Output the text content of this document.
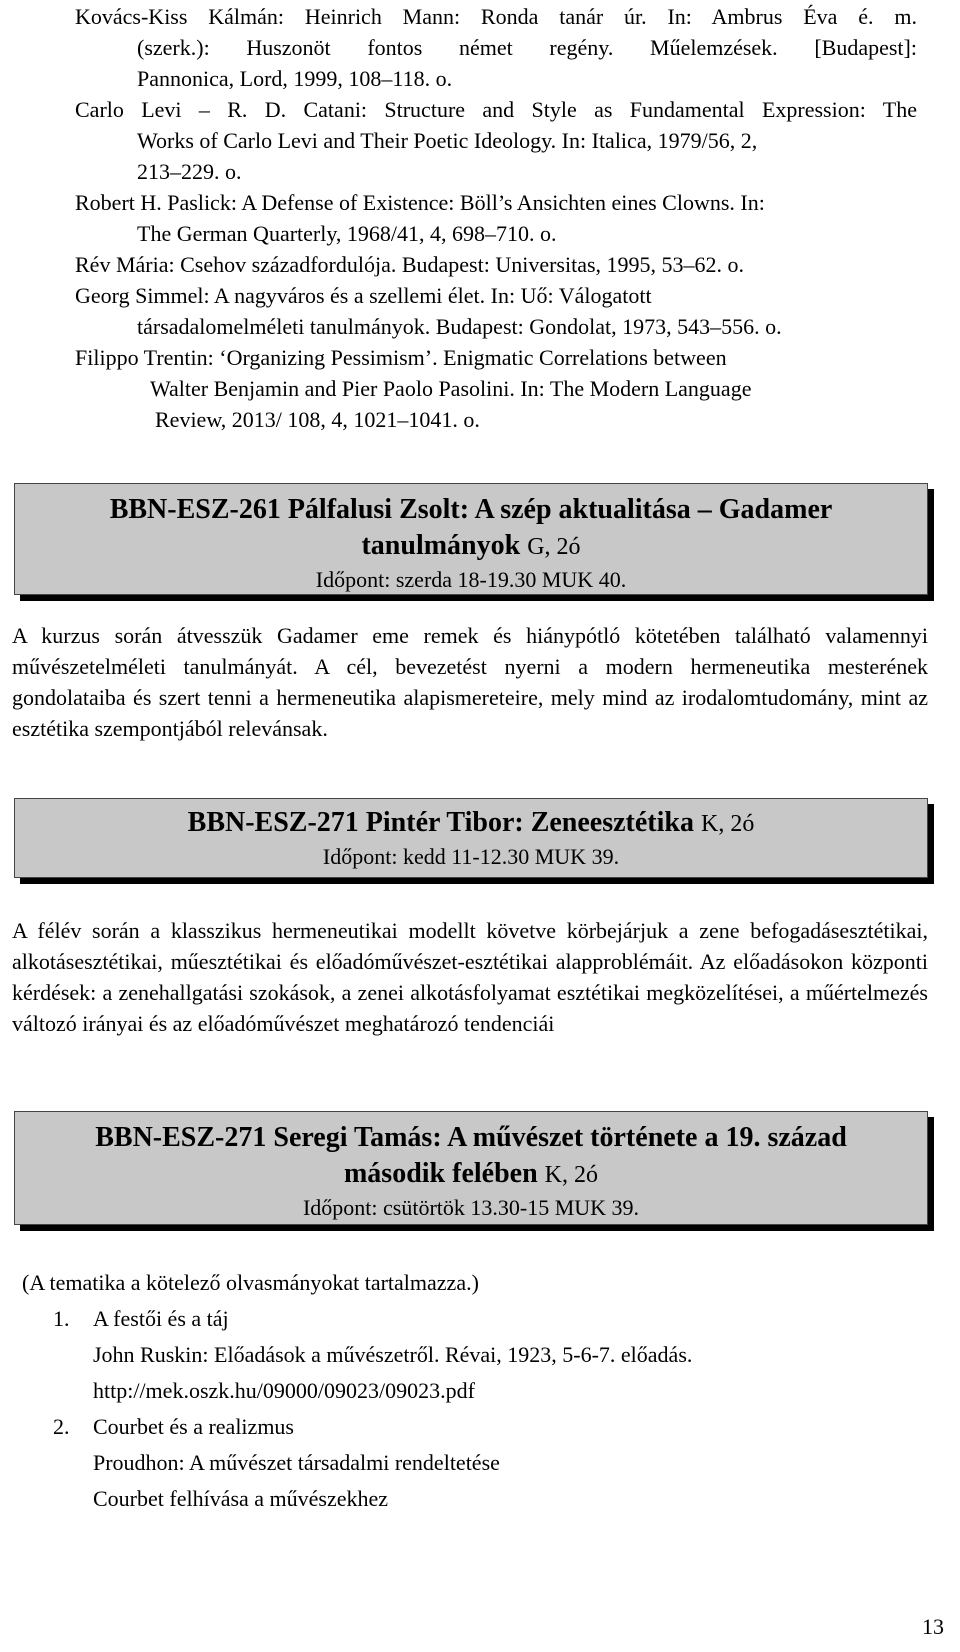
Kovács-Kiss Kálmán: Heinrich Mann: Ronda tanár úr. In: Ambrus Éva é. m.
(szerk.): Huszonöt fontos német regény. Műelemzések. [Budapest]:
Pannonica, Lord, 1999, 108–118. o.
Carlo Levi – R. D. Catani: Structure and Style as Fundamental Expression: The
Works of Carlo Levi and Their Poetic Ideology. In: Italica, 1979/56, 2,
213–229. o.
Robert H. Paslick: A Defense of Existence: Böll’s Ansichten eines Clowns. In:
The German Quarterly, 1968/41, 4, 698–710. o.
Rév Mária: Csehov századfordulója. Budapest: Universitas, 1995, 53–62. o.
Georg Simmel: A nagyváros és a szellemi élet. In: Uő: Válogatott
társadalomelméleti tanulmányok. Budapest: Gondolat, 1973, 543–556. o.
Filippo Trentin: ‘Organizing Pessimism’. Enigmatic Correlations between
Walter Benjamin and Pier Paolo Pasolini. In: The Modern Language
Review, 2013/ 108, 4, 1021–1041. o.
BBN-ESZ-261 Pálfalusi Zsolt: A szép aktualitása – Gadamer
tanulmányok G, 2ó
Időpont: szerda 18-19.30 MUK 40.
A kurzus során átvesszük Gadamer eme remek és hiánypótló kötetében található valamennyi művészetelméleti tanulmányát. A cél, bevezetést nyerni a modern hermeneutika mesterének gondolataiba és szert tenni a hermeneutika alapismereteire, mely mind az irodalomtudomány, mint az esztétika szempontjából relevánsak.
BBN-ESZ-271 Pintér Tibor: Zeneesztétika K, 2ó
Időpont: kedd 11-12.30 MUK 39.
A félév során a klasszikus hermeneutikai modellt követve körbejárjuk a zene befogadásesztétikai, alkotásesztétikai, műesztétikai és előadóművészet-esztétikai alapproblémáit. Az előadásokon központi kérdések: a zenehallgatási szokások, a zenei alkotásfolyamat esztétikai megközelítései, a műértelmezés változó irányai és az előadóművészet meghatározó tendenciái
BBN-ESZ-271 Seregi Tamás: A művészet története a 19. század
második felében K, 2ó
Időpont: csütörtök 13.30-15 MUK 39.
(A tematika a kötelező olvasmányokat tartalmazza.)
1. A festői és a táj
John Ruskin: Előadások a művészetről. Révai, 1923, 5-6-7. előadás.
http://mek.oszk.hu/09000/09023/09023.pdf
2. Courbet és a realizmus
Proudhon: A művészet társadalmi rendeltetése
Courbet felhívása a művészekhez
13
